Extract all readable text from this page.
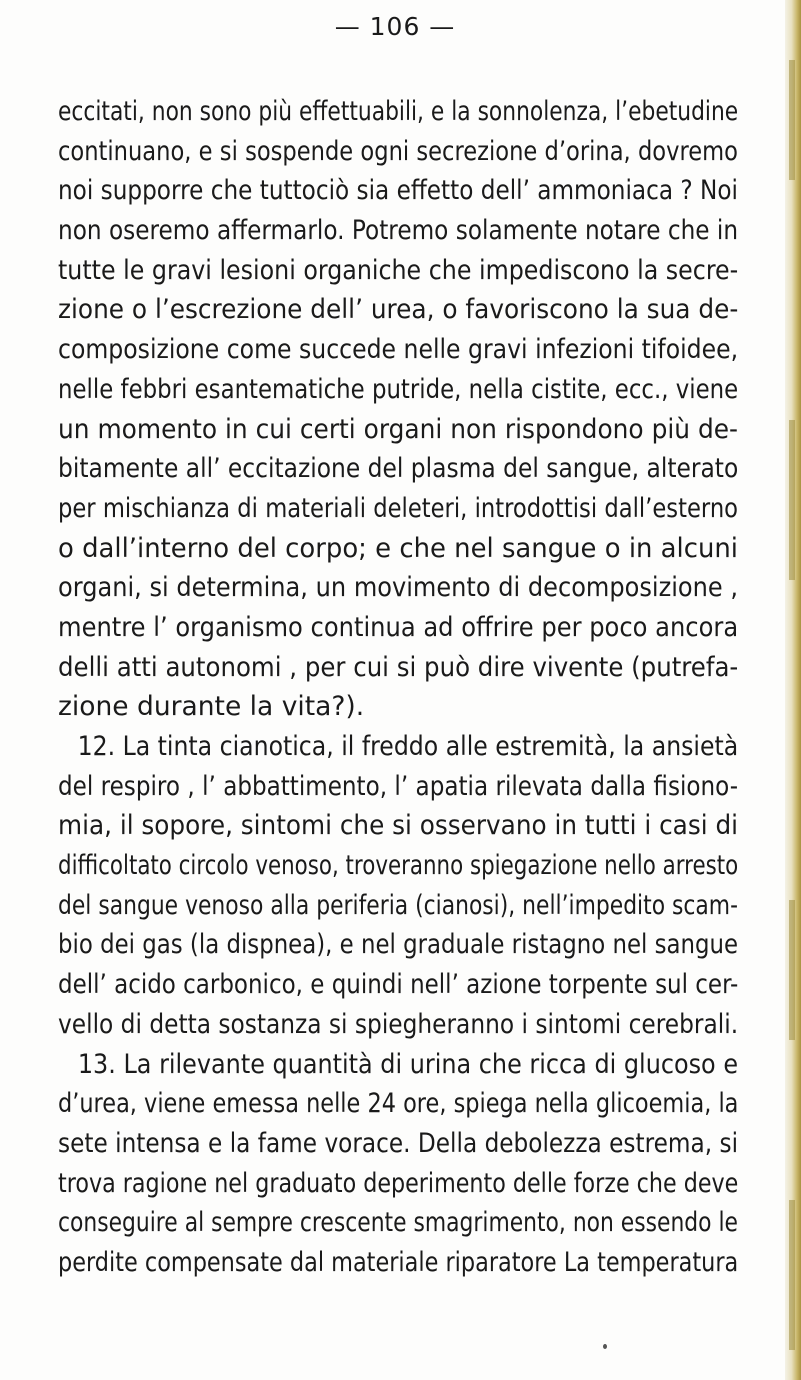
— 106 —
eccitati, non sono più effettuabili, e la sonnolenza, l’ebetudine
continuano, e si sospende ogni secrezione d’orina, dovremo
noi supporre che tuttociò sia effetto dell’ ammoniaca ? Noi
non oseremo affermarlo. Potremo solamente notare che in
tutte le gravi lesioni organiche che impediscono la secre-
zione o l’escrezione dell’ urea, o favoriscono la sua de-
composizione come succede nelle gravi infezioni tifoidee,
nelle febbri esantematiche putride, nella cistite, ecc., viene
un momento in cui certi organi non rispondono più de-
bitamente all’ eccitazione del plasma del sangue, alterato
per mischianza di materiali deleteri, introdottisi dall’esterno
o dall’interno del corpo; e che nel sangue o in alcuni
organi, si determina, un movimento di decomposizione ,
mentre l’ organismo continua ad offrire per poco ancora
delli atti autonomi , per cui si può dire vivente (putrefa-
zione durante la vita?).
12. La tinta cianotica, il freddo alle estremità, la ansietà
del respiro , l’ abbattimento, l’ apatia rilevata dalla fisiono-
mia, il sopore, sintomi che si osservano in tutti i casi di
difficoltato circolo venoso, troveranno spiegazione nello arresto
del sangue venoso alla periferia (cianosi), nell’impedito scam-
bio dei gas (la dispnea), e nel graduale ristagno nel sangue
dell’ acido carbonico, e quindi nell’ azione torpente sul cer-
vello di detta sostanza si spiegheranno i sintomi cerebrali.
13. La rilevante quantità di urina che ricca di glucoso e
d’urea, viene emessa nelle 24 ore, spiega nella glicoemia, la
sete intensa e la fame vorace. Della debolezza estrema, si
trova ragione nel graduato deperimento delle forze che deve
conseguire al sempre crescente smagrimento, non essendo le
perdite compensate dal materiale riparatore La temperatura
